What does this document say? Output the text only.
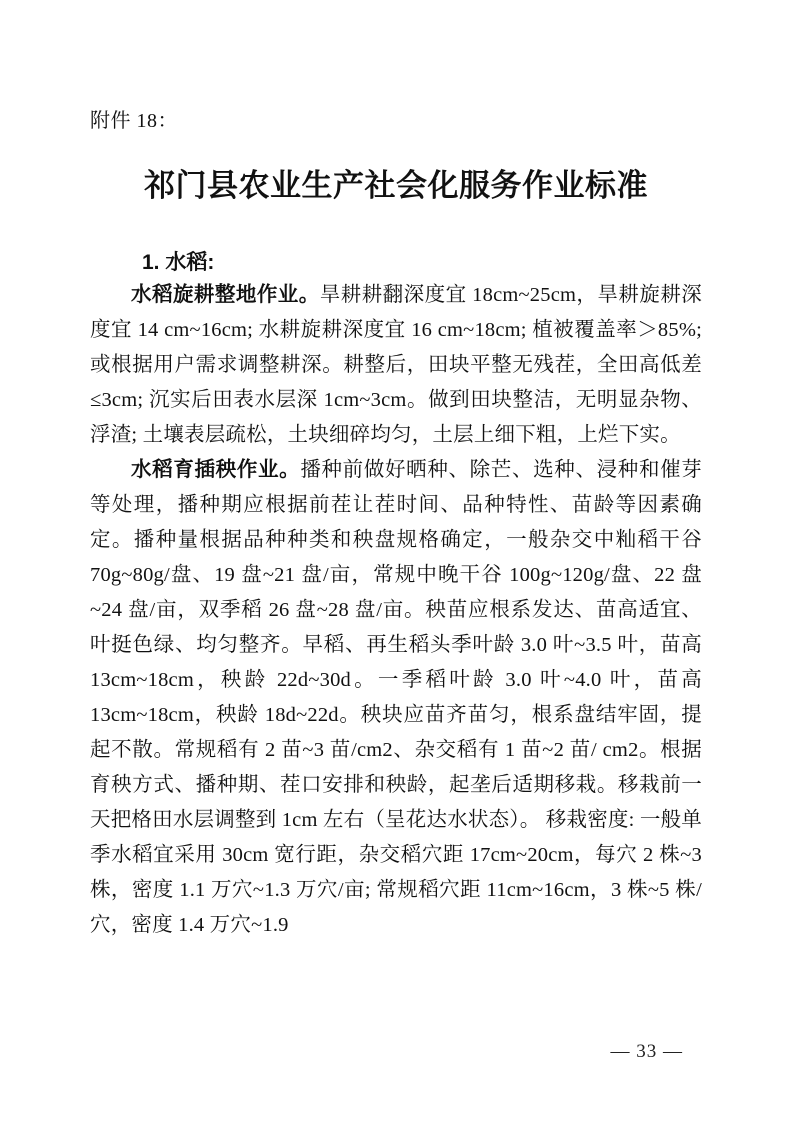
附件 18：
祁门县农业生产社会化服务作业标准
1. 水稻:

水稻旋耕整地作业。旱耕耕翻深度宜 18cm~25cm，旱耕旋耕深度宜 14 cm~16cm; 水耕旋耕深度宜 16 cm~18cm; 植被覆盖率＞85%; 或根据用户需求调整耕深。耕整后，田块平整无残茬，全田高低差≤3cm; 沉实后田表水层深 1cm~3cm。做到田块整洁，无明显杂物、浮渣; 土壤表层疏松，土块细碎均匀，土层上细下粗，上烂下实。

水稻育插秧作业。播种前做好晒种、除芒、选种、浸种和催芽等处理，播种期应根据前茬让茬时间、品种特性、苗龄等因素确定。播种量根据品种种类和秧盘规格确定，一般杂交中籼稻干谷 70g~80g/盘、19 盘~21 盘/亩，常规中晚干谷 100g~120g/盘、22 盘~24 盘/亩，双季稻 26 盘~28 盘/亩。秧苗应根系发达、苗高适宜、叶挺色绿、均匀整齐。早稻、再生稻头季叶龄 3.0 叶~3.5 叶，苗高 13cm~18cm，秧龄 22d~30d。一季稻叶龄 3.0 叶~4.0 叶，苗高 13cm~18cm，秧龄 18d~22d。秧块应苗齐苗匀，根系盘结牢固，提起不散。常规稻有 2 苗~3 苗/cm2、杂交稻有 1 苗~2 苗/ cm2。根据育秧方式、播种期、茬口安排和秧龄，起垄后适期移栽。移栽前一天把格田水层调整到 1cm 左右（呈花达水状态）。 移栽密度: 一般单季水稻宜采用 30cm 宽行距，杂交稻穴距 17cm~20cm，每穴 2 株~3 株，密度 1.1 万穴~1.3 万穴/亩; 常规稻穴距 11cm~16cm，3 株~5 株/穴，密度 1.4 万穴~1.9

— 33 —
